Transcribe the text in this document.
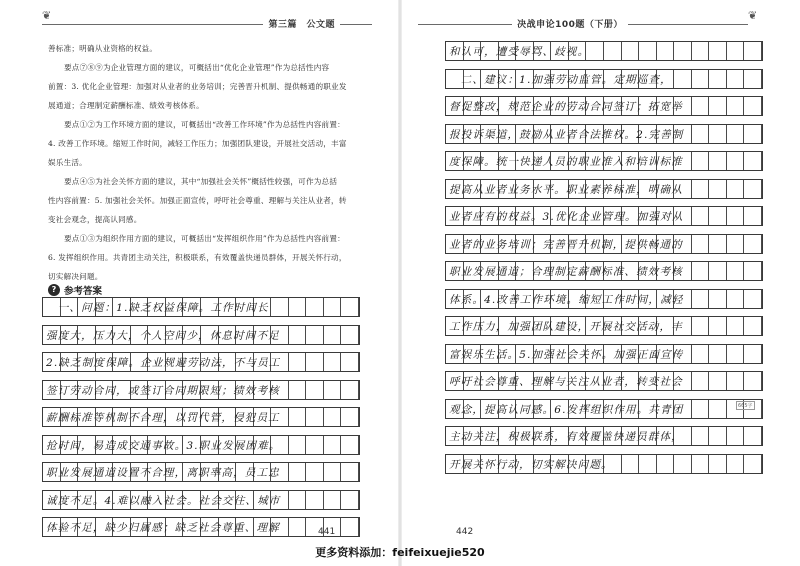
❦
第三篇　公文题	决战申论100题（下册）
❦
善标准；明确从业资格的权益。
要点⑦⑧⑨为企业管理方面的建议，可概括出“优化企业管理”作为总括性内容
前置：3. 优化企业管理：加强对从业者的业务培训；完善晋升机制、提供畅通的职业发
展通道；合理制定薪酬标准、绩效考核体系。
要点①②为工作环境方面的建议，可概括出“改善工作环境”作为总括性内容前置：
4. 改善工作环境。缩短工作时间，减轻工作压力；加强团队建设，开展社交活动，丰富
娱乐生活。
要点④⑤为社会关怀方面的建议，其中“加强社会关怀”概括性较强，可作为总括
性内容前置：5. 加强社会关怀。加强正面宣传，呼吁社会尊重、理解与关注从业者，转
变社会观念，提高认同感。
要点①③为组织作用方面的建议，可概括出“发挥组织作用”作为总括性内容前置：
6. 发挥组织作用。共青团主动关注，积极联系，有效覆盖快递员群体，开展关怀行动，
切实解决问题。
? 参考答案
　一、问题：1.缺乏权益保障。工作时间长
强度大，压力大，个人空间少，休息时间不足
2.缺乏制度保障。企业规避劳动法，不与员工
签订劳动合同，或签订合同期限短；绩效考核
薪酬标准等机制不合理，以罚代管，侵犯员工
抢时间，易造成交通事故。3.职业发展困难。
职业发展通道设置不合理，离职率高，员工忠
诚度不足。4.难以融入社会。社会交往、城市
体验不足，缺少归属感；缺乏社会尊重、理解	441
和认可，遭受辱骂、歧视。
　二、建议：1.加强劳动监管。定期巡查，
督促整改，规范企业的劳动合同签订；拓宽举
报投诉渠道，鼓励从业者合法维权。2.完善制
度保障。统一快递人员的职业准入和培训标准
提高从业者业务水平。职业素养标准，明确从
业者应有的权益。3.优化企业管理。加强对从
业者的业务培训；完善晋升机制，提供畅通的
职业发展通道；合理制定薪酬标准、绩效考核
体系。4.改善工作环境。缩短工作时间，减轻
工作压力，加强团队建设，开展社交活动，丰
富娱乐生活。5.加强社会关怀。加强正面宣传
呼吁社会尊重、理解与关注从业者，转变社会
观念，提高认同感。6.发挥组织作用。共青团
主动关注，积极联系，有效覆盖快递员群体，
开展关怀行动，切实解决问题。
665字
442
更多资料添加：feifeixuejie520
